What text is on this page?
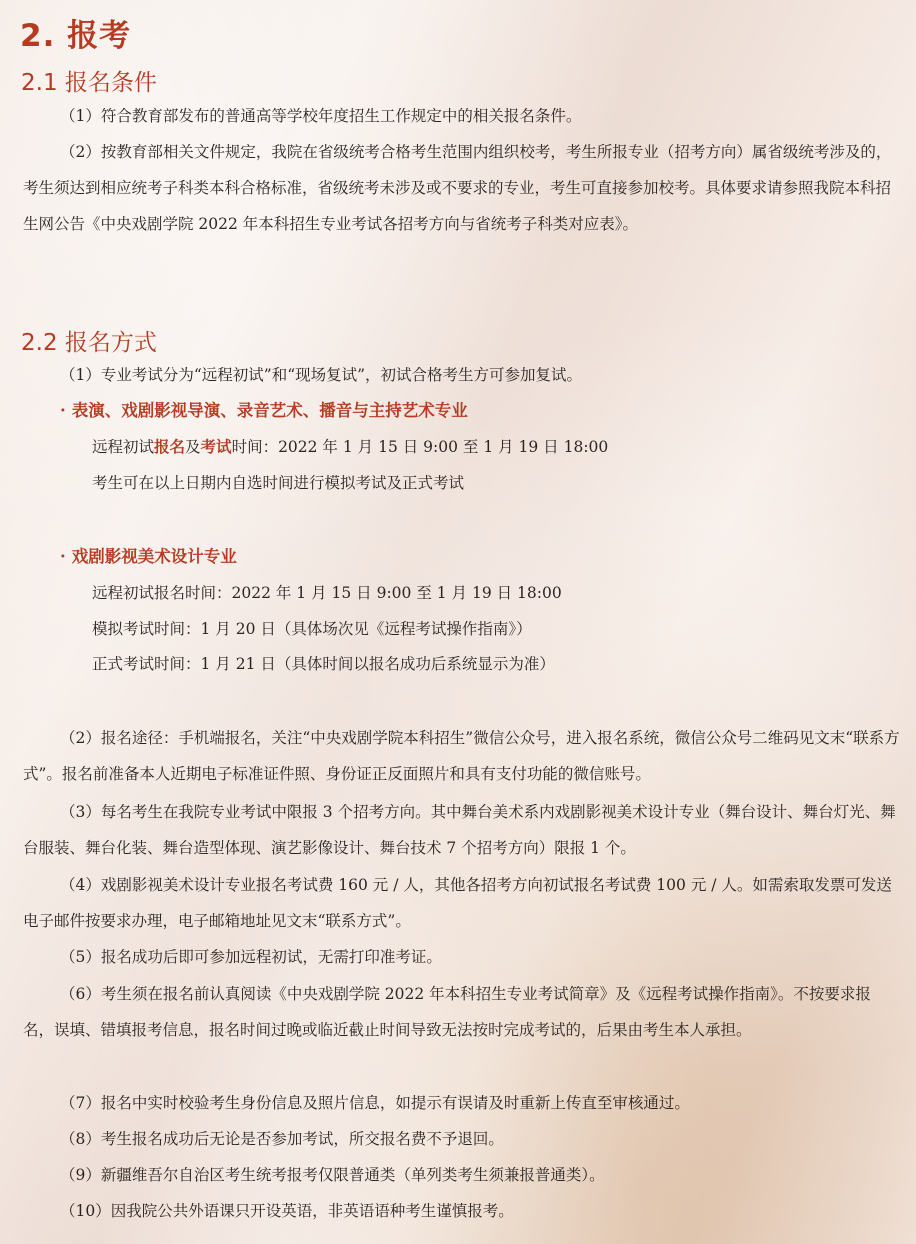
2. 报考
2.1 报名条件
（1）符合教育部发布的普通高等学校年度招生工作规定中的相关报名条件。
（2）按教育部相关文件规定，我院在省级统考合格考生范围内组织校考，考生所报专业（招考方向）属省级统考涉及的，考生须达到相应统考子科类本科合格标准，省级统考未涉及或不要求的专业，考生可直接参加校考。具体要求请参照我院本科招生网公告《中央戏剧学院 2022 年本科招生专业考试各招考方向与省统考子科类对应表》。
2.2 报名方式
（1）专业考试分为“远程初试”和“现场复试”，初试合格考生方可参加复试。
· 表演、戏剧影视导演、录音艺术、播音与主持艺术专业
远程初试报名及考试时间：2022 年 1 月 15 日 9:00 至 1 月 19 日 18:00
考生可在以上日期内自选时间进行模拟考试及正式考试
· 戏剧影视美术设计专业
远程初试报名时间：2022 年 1 月 15 日 9:00 至 1 月 19 日 18:00
模拟考试时间：1 月 20 日（具体场次见《远程考试操作指南》）
正式考试时间：1 月 21 日（具体时间以报名成功后系统显示为准）
（2）报名途径：手机端报名，关注“中央戏剧学院本科招生”微信公众号，进入报名系统，微信公众号二维码见文末“联系方式”。报名前准备本人近期电子标准证件照、身份证正反面照片和具有支付功能的微信账号。
（3）每名考生在我院专业考试中限报 3 个招考方向。其中舞台美术系内戏剧影视美术设计专业（舞台设计、舞台灯光、舞台服装、舞台化装、舞台造型体现、演艺影像设计、舞台技术 7 个招考方向）限报 1 个。
（4）戏剧影视美术设计专业报名考试费 160 元 / 人，其他各招考方向初试报名考试费 100 元 / 人。如需索取发票可发送电子邮件按要求办理，电子邮箱地址见文末“联系方式”。
（5）报名成功后即可参加远程初试，无需打印准考证。
（6）考生须在报名前认真阅读《中央戏剧学院 2022 年本科招生专业考试简章》及《远程考试操作指南》。不按要求报名，误填、错填报考信息，报名时间过晚或临近截止时间导致无法按时完成考试的，后果由考生本人承担。
（7）报名中实时校验考生身份信息及照片信息，如提示有误请及时重新上传直至审核通过。
（8）考生报名成功后无论是否参加考试，所交报名费不予退回。
（9）新疆维吾尔自治区考生统考报考仅限普通类（单列类考生须兼报普通类）。
（10）因我院公共外语课只开设英语，非英语语种考生谨慎报考。
